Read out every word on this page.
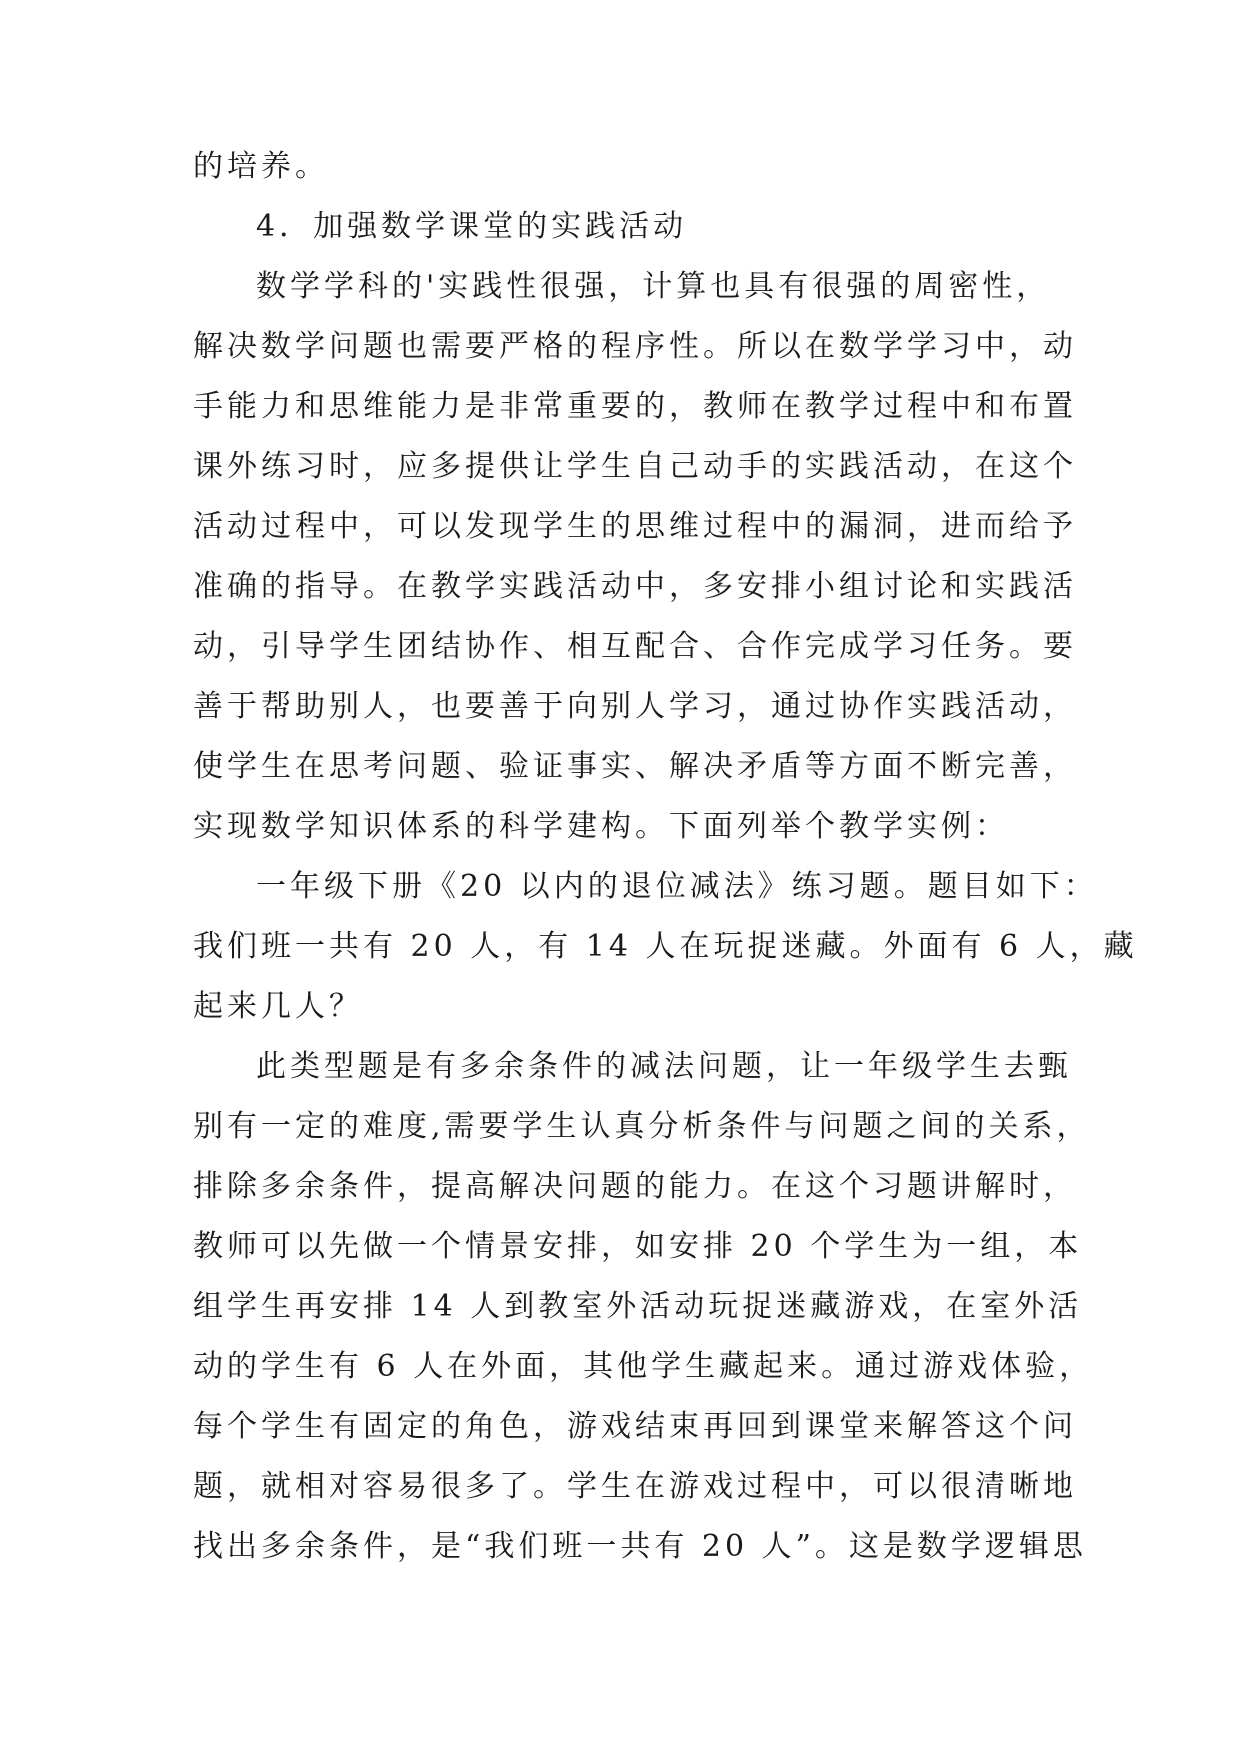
的培养。
4．加强数学课堂的实践活动
数学学科的'实践性很强，计算也具有很强的周密性，
解决数学问题也需要严格的程序性。所以在数学学习中，动
手能力和思维能力是非常重要的，教师在教学过程中和布置
课外练习时，应多提供让学生自己动手的实践活动，在这个
活动过程中，可以发现学生的思维过程中的漏洞，进而给予
准确的指导。在教学实践活动中，多安排小组讨论和实践活
动，引导学生团结协作、相互配合、合作完成学习任务。要
善于帮助别人，也要善于向别人学习，通过协作实践活动，
使学生在思考问题、验证事实、解决矛盾等方面不断完善，
实现数学知识体系的科学建构。下面列举个教学实例：
一年级下册《20 以内的退位减法》练习题。题目如下：
我们班一共有 20 人，有 14 人在玩捉迷藏。外面有 6 人，藏
起来几人？
此类型题是有多余条件的减法问题，让一年级学生去甄
别有一定的难度,需要学生认真分析条件与问题之间的关系，
排除多余条件，提高解决问题的能力。在这个习题讲解时，
教师可以先做一个情景安排，如安排 20 个学生为一组，本
组学生再安排 14 人到教室外活动玩捉迷藏游戏，在室外活
动的学生有 6 人在外面，其他学生藏起来。通过游戏体验，
每个学生有固定的角色，游戏结束再回到课堂来解答这个问
题，就相对容易很多了。学生在游戏过程中，可以很清晰地
找出多余条件，是“我们班一共有 20 人”。这是数学逻辑思
